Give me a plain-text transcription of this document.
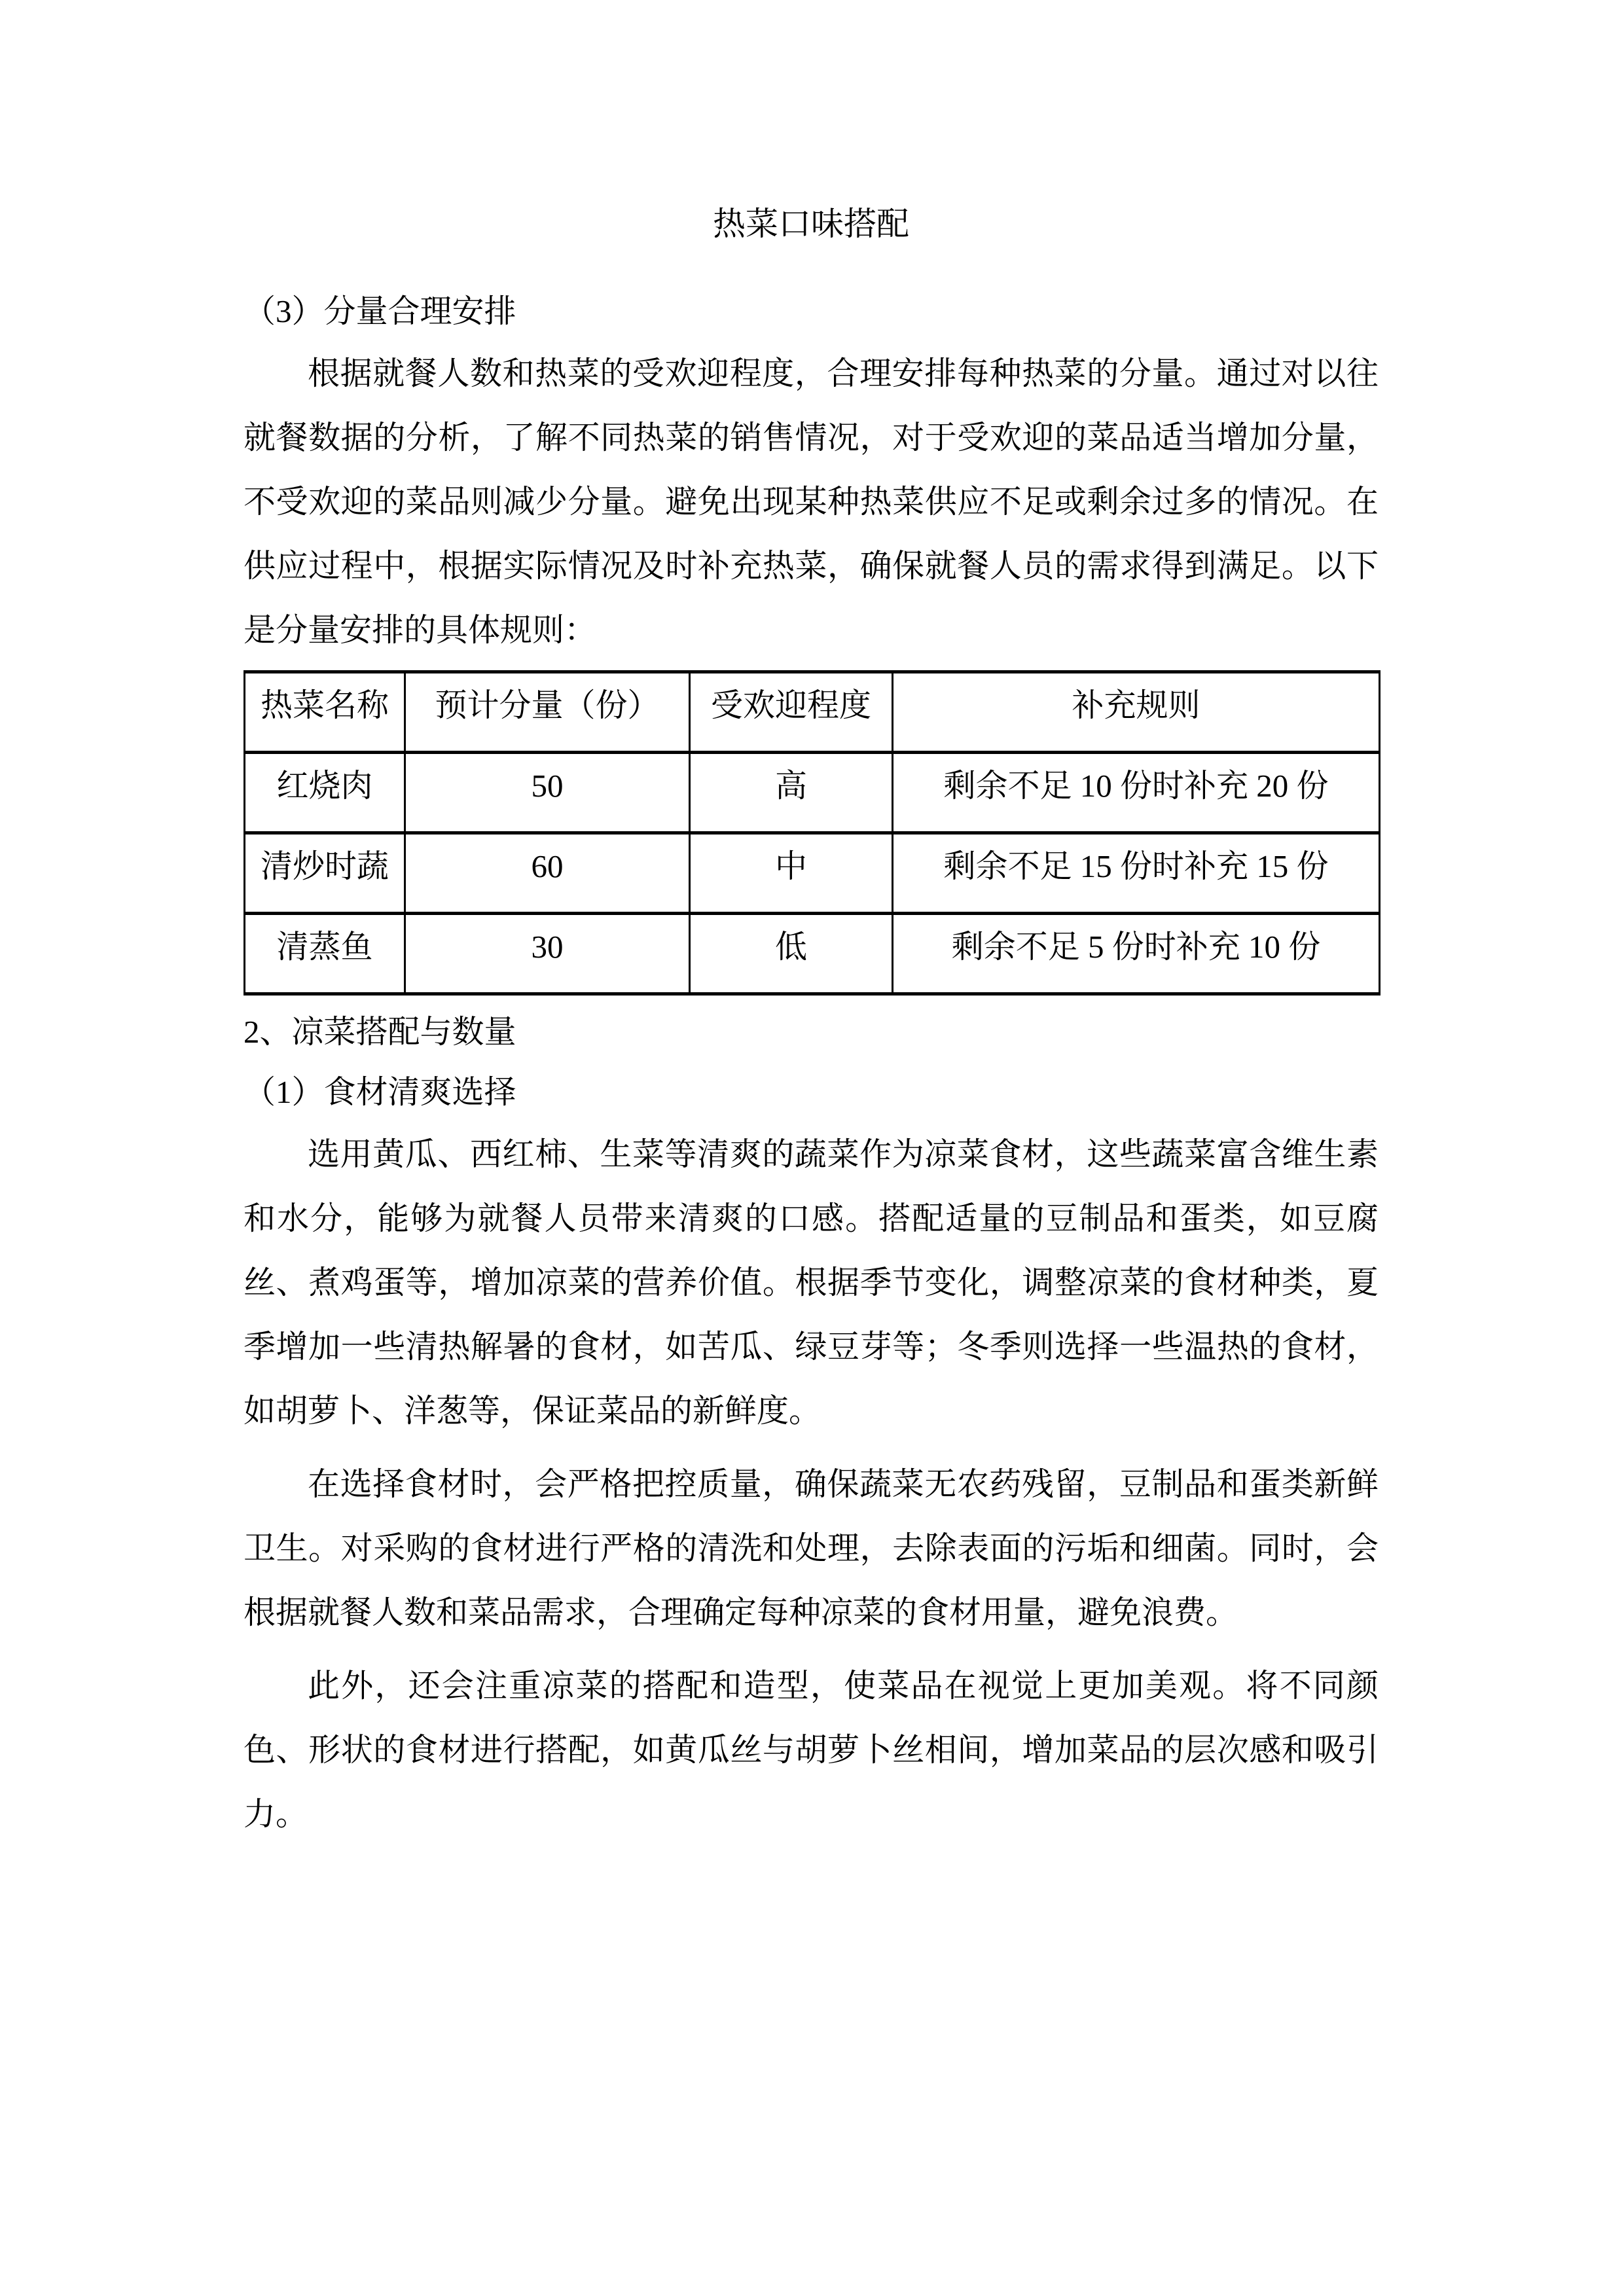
热菜口味搭配
（3）分量合理安排

根据就餐人数和热菜的受欢迎程度，合理安排每种热菜的分量。通过对以往就餐数据的分析，了解不同热菜的销售情况，对于受欢迎的菜品适当增加分量，不受欢迎的菜品则减少分量。避免出现某种热菜供应不足或剩余过多的情况。在供应过程中，根据实际情况及时补充热菜，确保就餐人员的需求得到满足。以下是分量安排的具体规则：

热菜名称	预计分量（份）	受欢迎程度	补充规则
红烧肉	50	高	剩余不足 10 份时补充 20 份
清炒时蔬	60	中	剩余不足 15 份时补充 15 份
清蒸鱼	30	低	剩余不足 5 份时补充 10 份
2、凉菜搭配与数量
（1）食材清爽选择

选用黄瓜、西红柿、生菜等清爽的蔬菜作为凉菜食材，这些蔬菜富含维生素和水分，能够为就餐人员带来清爽的口感。搭配适量的豆制品和蛋类，如豆腐丝、煮鸡蛋等，增加凉菜的营养价值。根据季节变化，调整凉菜的食材种类，夏季增加一些清热解暑的食材，如苦瓜、绿豆芽等；冬季则选择一些温热的食材，如胡萝卜、洋葱等，保证菜品的新鲜度。

在选择食材时，会严格把控质量，确保蔬菜无农药残留，豆制品和蛋类新鲜卫生。对采购的食材进行严格的清洗和处理，去除表面的污垢和细菌。同时，会根据就餐人数和菜品需求，合理确定每种凉菜的食材用量，避免浪费。

此外，还会注重凉菜的搭配和造型，使菜品在视觉上更加美观。将不同颜色、形状的食材进行搭配，如黄瓜丝与胡萝卜丝相间，增加菜品的层次感和吸引力。
